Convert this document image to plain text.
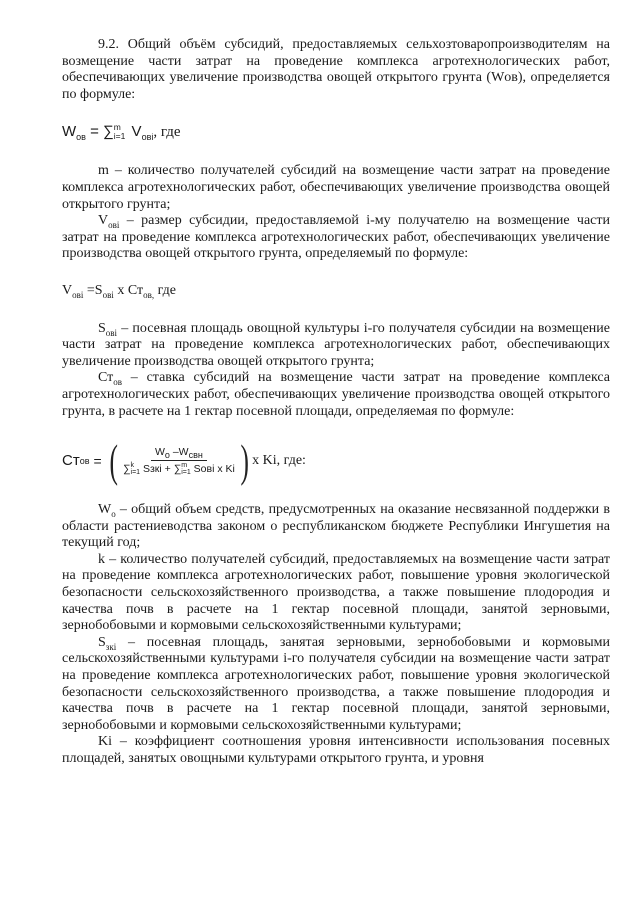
9.2. Общий объём субсидий, предоставляемых сельхозтоваропроизводителям на возмещение части затрат на проведение комплекса агротехнологических работ, обеспечивающих увеличение производства овощей открытого грунта (Wов), определяется по формуле:

$W_{ов}$ = ∑ m
i=1 $V_{овi}$, где

m – количество получателей субсидий на возмещение части затрат на проведение комплекса агротехнологических работ, обеспечивающих увеличение производства овощей открытого грунта;

$V_{овi}$ – размер субсидии, предоставляемой i-му получателю на возмещение части затрат на проведение комплекса агротехнологических работ, обеспечивающих увеличение производства овощей открытого грунта, определяемый по формуле:

$V_{овi} =S_{овi}$ х $Ст_{ов,}$ где

$S_{овi}$ – посевная площадь овощной культуры i-го получателя субсидии на возмещение части затрат на проведение комплекса агротехнологических работ, обеспечивающих увеличение производства овощей открытого грунта;

$Ст_{ов}$ – ставка субсидий на возмещение части затрат на проведение комплекса агротехнологических работ, обеспечивающих увеличение производства овощей открытого грунта, в расчете на 1 гектар посевной площади, определяемая по формуле:

Ст ов = ( $W_о$ $-W_{свн}$
∑ k
i=1 Sзкi + ∑ m
i=1 Sовi x Ki ) x Ki, где:

$W_о$ – общий объем средств, предусмотренных на оказание несвязанной поддержки в области растениеводства законом о республиканском бюджете Республики Ингушетия на текущий год;

k – количество получателей субсидий, предоставляемых на возмещение части затрат на проведение комплекса агротехнологических работ, повышение уровня экологической безопасности сельскохозяйственного производства, а также повышение плодородия и качества почв в расчете на 1 гектар посевной площади, занятой зерновыми, зернобобовыми и кормовыми сельскохозяйственными культурами;

$S_{зкi}$ – посевная площадь, занятая зерновыми, зернобобовыми и кормовыми сельскохозяйственными культурами i-го получателя субсидии на возмещение части затрат на проведение комплекса агротехнологических работ, повышение уровня экологической безопасности сельскохозяйственного производства, а также повышение плодородия и качества почв в расчете на 1 гектар посевной площади, занятой зерновыми, зернобобовыми и кормовыми сельскохозяйственными культурами;

Ki – коэффициент соотношения уровня интенсивности использования посевных площадей, занятых овощными культурами открытого грунта, и уровня
